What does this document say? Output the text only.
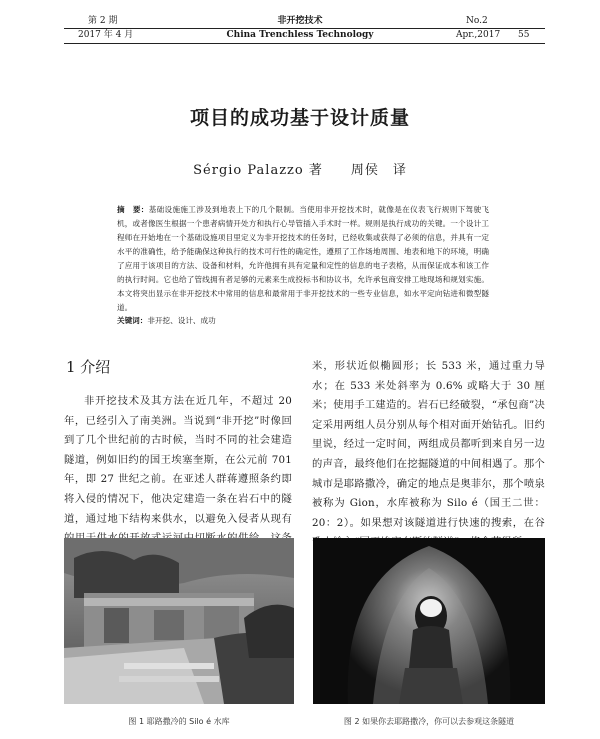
第 2 期
2017 年 4 月
非开挖技术
China Trenchless Technology
No.2
Apr.,2017 55
项目的成功基于设计质量
Sérgio Palazzo 著　　周侯　译
摘　要：基础设施施工涉及到地表上下的几个限制。当使用非开挖技术时，就像是在仪表飞行规则下驾驶飞机，或者像医生根据一个患者病情开处方和执行心导管插入手术时一样。规则是执行成功的关键。一个设计工程师在开始地在一个基础设施项目里定义为非开挖技术的任务时，已经收集或获得了必须的信息，并具有一定水平的准确性，给予能确保这种执行的技术可行性的确定性，遵照了工作场地周围、地表和地下的环境，明确了应用于该项目的方法、设备和材料，允许他拥有具有定量和定性的信息的电子表格，从而保证成本和该工作的执行时间。它也给了管线拥有者足够的元素来生成投标书和协议书，允许承包商安排工地现场和规划实施。本文将突出显示在非开挖技术中常用的信息和最常用于非开挖技术的一些专业信息，如水平定向钻进和微型隧道。
关键词：非开挖、设计、成功
1 介绍

非开挖技术及其方法在近几年，不超过 20 年，已经引入了南美洲。当说到“非开挖”时像回到了几个世纪前的古时候，当时不同的社会建造隧道，例如旧约的国王埃塞奎斯，在公元前 701 年，即 27 世纪之前。在亚述人群蒋遵照条约即将入侵的情况下，他决定建造一条在岩石中的隧道，通过地下结构来供水，以避免入侵者从现有

米，形状近似椭圆形；长 533 米，通过重力导水；在 533 米处斜率为 0.6% 或略大于 30 厘米；使用手工建造的。岩石已经破裂，“承包商”决定采用两组人员分别从每个相对面开始钻孔。旧约里说，经过一定时间，两组成员都听到来自另一边的声音，最终他们在挖掘隧道的中间相遇了。那个城市是耶路撒冷，确定的地点是奥菲尔，那个喷泉被称为 Gion，水库被称为 Silo é（国王二世：20：2）。如果想对该隧道进行快速的搜索，在谷

图 1 耶路撒冷的 Silo é 水库	图 2 如果你去耶路撒冷，你可以去参观这条隧道
